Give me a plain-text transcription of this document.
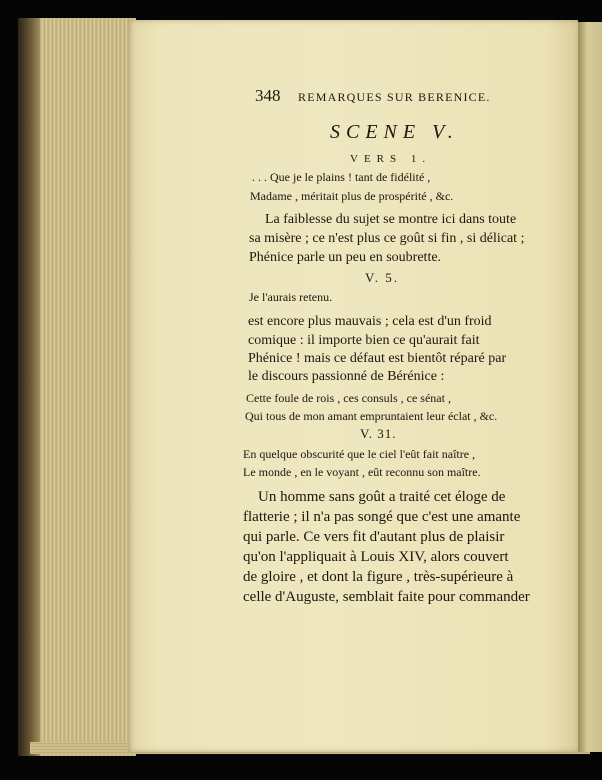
348 REMARQUES SUR BERENICE.
SCENE V.
VERS 1.
. . . Que je le plains ! tant de fidélité ,
Madame , méritait plus de prospérité , &c.
La faiblesse du sujet se montre ici dans toute
sa misère ; ce n'est plus ce goût si fin , si délicat ;
Phénice parle un peu en soubrette.
V. 5.
Je l'aurais retenu.
est encore plus mauvais ; cela est d'un froid
comique : il importe bien ce qu'aurait fait
Phénice ! mais ce défaut est bientôt réparé par
le discours passionné de Bérénice :
Cette foule de rois , ces consuls , ce sénat ,
Qui tous de mon amant empruntaient leur éclat , &c.
V. 31.
En quelque obscurité que le ciel l'eût fait naître ,
Le monde , en le voyant , eût reconnu son maître.
Un homme sans goût a traité cet éloge de
flatterie ; il n'a pas songé que c'est une amante
qui parle. Ce vers fit d'autant plus de plaisir
qu'on l'appliquait à Louis XIV, alors couvert
de gloire , et dont la figure , très-supérieure à
celle d'Auguste, semblait faite pour commander
